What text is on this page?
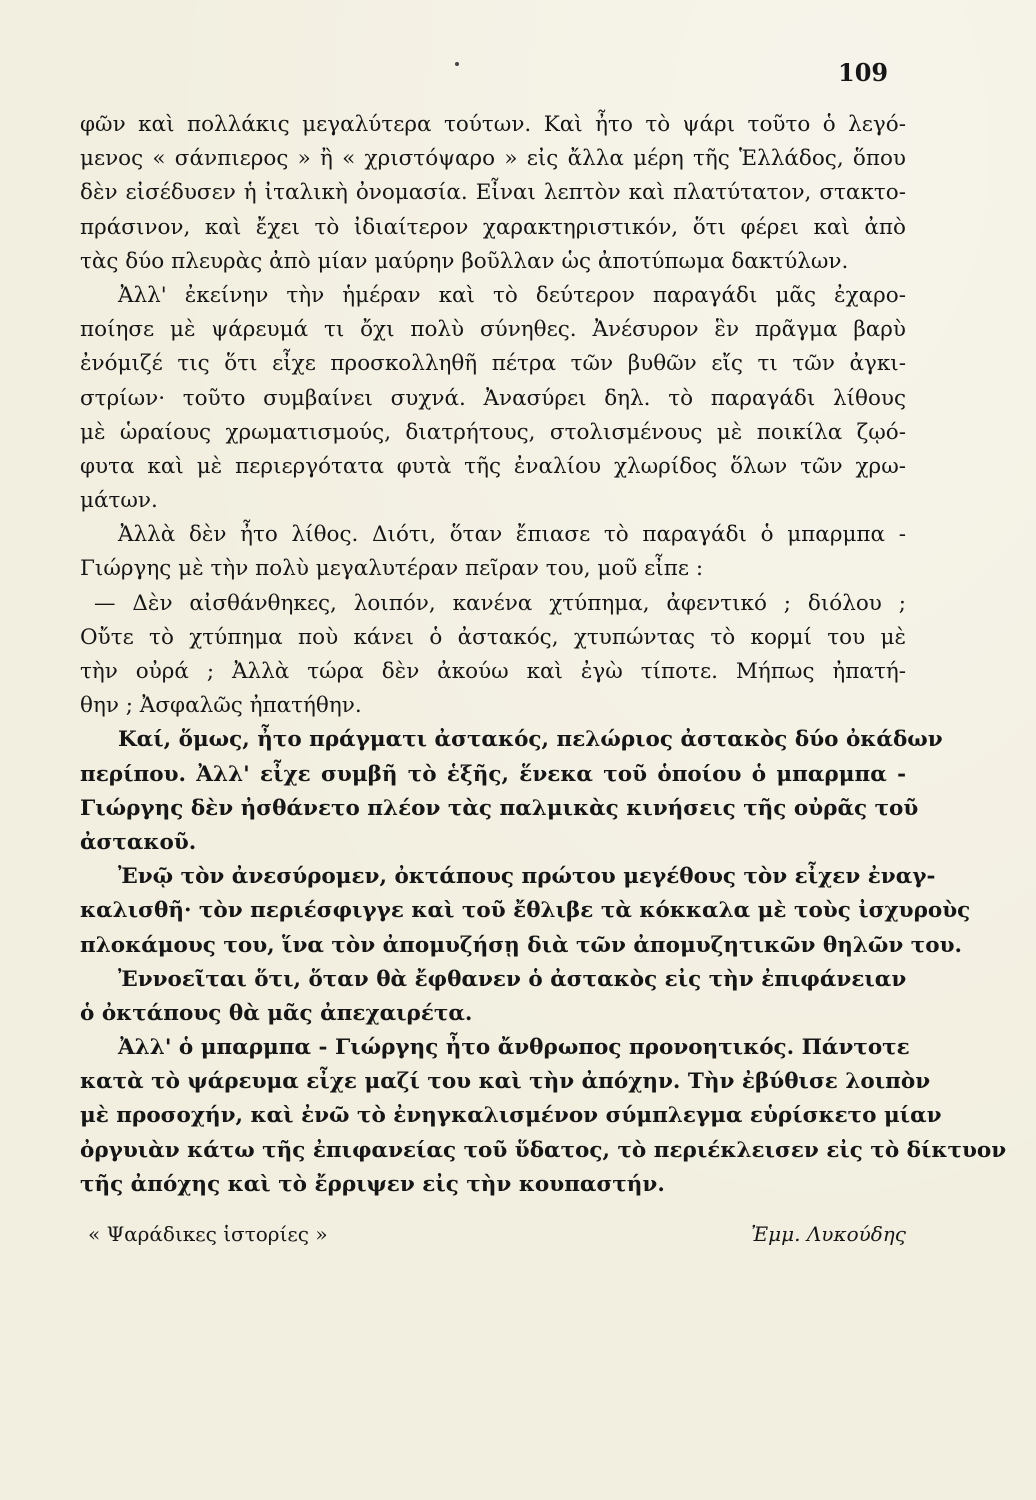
109
φῶν καὶ πολλάκις μεγαλύτερα τούτων. Καὶ ἦτο τὸ ψάρι τοῦτο ὁ λεγό-
μενος « σάνπιερος » ἢ « χριστόψαρο » εἰς ἄλλα μέρη τῆς Ἑλλάδος, ὅπου
δὲν εἰσέδυσεν ἡ ἰταλικὴ ὀνομασία. Εἶναι λεπτὸν καὶ πλατύτατον, στακτο-
πράσινον, καὶ ἔχει τὸ ἰδιαίτερον χαρακτηριστικόν, ὅτι φέρει καὶ ἀπὸ
τὰς δύο πλευρὰς ἀπὸ μίαν μαύρην βοῦλλαν ὡς ἀποτύπωμα δακτύλων.
Ἀλλ' ἐκείνην τὴν ἡμέραν καὶ τὸ δεύτερον παραγάδι μᾶς ἐχαρο-
ποίησε μὲ ψάρευμά τι ὄχι πολὺ σύνηθες. Ἀνέσυρον ἓν πρᾶγμα βαρὺ
ἐνόμιζέ τις ὅτι εἶχε προσκολληθῆ πέτρα τῶν βυθῶν εἴς τι τῶν ἀγκι-
στρίων· τοῦτο συμβαίνει συχνά. Ἀνασύρει δηλ. τὸ παραγάδι λίθους
μὲ ὡραίους χρωματισμούς, διατρήτους, στολισμένους μὲ ποικίλα ζῳό-
φυτα καὶ μὲ περιεργότατα φυτὰ τῆς ἐναλίου χλωρίδος ὅλων τῶν χρω-
μάτων.
Ἀλλὰ δὲν ἦτο λίθος. Διότι, ὅταν ἔπιασε τὸ παραγάδι ὁ μπαρμπα -
Γιώργης μὲ τὴν πολὺ μεγαλυτέραν πεῖραν του, μοῦ εἶπε :
— Δὲν αἰσθάνθηκες, λοιπόν, κανένα χτύπημα, ἀφεντικό ; διόλου ;
Οὔτε τὸ χτύπημα ποὺ κάνει ὁ ἀστακός, χτυπώντας τὸ κορμί του μὲ
τὴν οὐρά ; Ἀλλὰ τώρα δὲν ἀκούω καὶ ἐγὼ τίποτε. Μήπως ἠπατή-
θην ; Ἀσφαλῶς ἠπατήθην.
Καί, ὅμως, ἦτο πράγματι ἀστακός, πελώριος ἀστακὸς δύο ὀκάδων
περίπου. Ἀλλ' εἶχε συμβῆ τὸ ἑξῆς, ἕνεκα τοῦ ὁποίου ὁ μπαρμπα -
Γιώργης δὲν ἠσθάνετο πλέον τὰς παλμικὰς κινήσεις τῆς οὐρᾶς τοῦ
ἀστακοῦ.
Ἐνῷ τὸν ἀνεσύρομεν, ὀκτάπους πρώτου μεγέθους τὸν εἶχεν ἐναγ-
καλισθῆ· τὸν περιέσφιγγε καὶ τοῦ ἔθλιβε τὰ κόκκαλα μὲ τοὺς ἰσχυροὺς
πλοκάμους του, ἵνα τὸν ἀπομυζήσῃ διὰ τῶν ἀπομυζητικῶν θηλῶν του.
Ἐννοεῖται ὅτι, ὅταν θὰ ἔφθανεν ὁ ἀστακὸς εἰς τὴν ἐπιφάνειαν
ὁ ὀκτάπους θὰ μᾶς ἀπεχαιρέτα.
Ἀλλ' ὁ μπαρμπα - Γιώργης ἦτο ἄνθρωπος προνοητικός. Πάντοτε
κατὰ τὸ ψάρευμα εἶχε μαζί του καὶ τὴν ἀπόχην. Τὴν ἐβύθισε λοιπὸν
μὲ προσοχήν, καὶ ἐνῶ τὸ ἐνηγκαλισμένον σύμπλεγμα εὑρίσκετο μίαν
ὀργυιὰν κάτω τῆς ἐπιφανείας τοῦ ὕδατος, τὸ περιέκλεισεν εἰς τὸ δίκτυον
τῆς ἀπόχης καὶ τὸ ἔρριψεν εἰς τὴν κουπαστήν.
« Ψαράδικες ἱστορίες »	Ἐμμ. Λυκούδης
